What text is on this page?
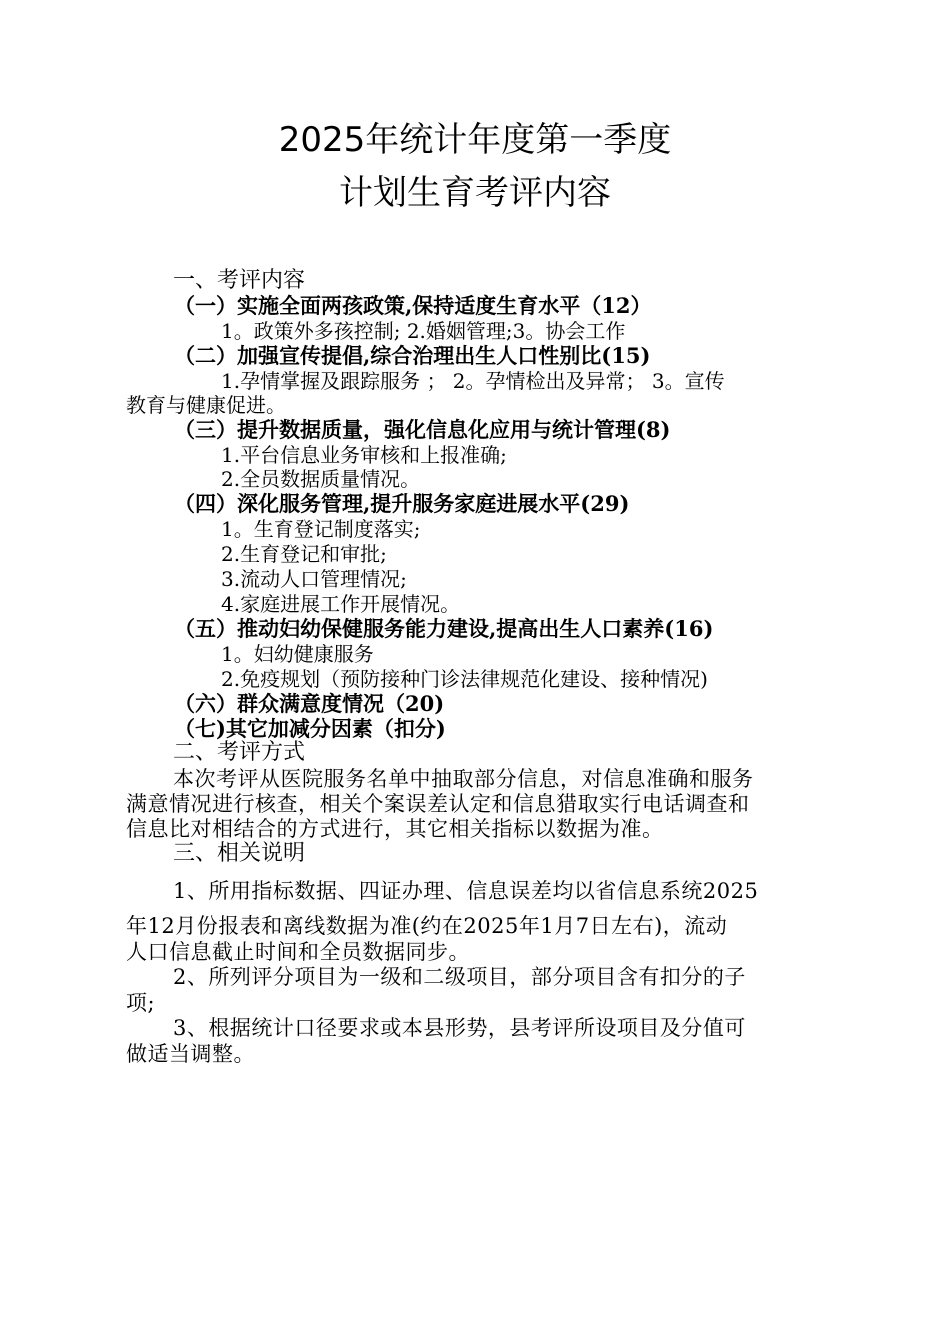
2025年统计年度第一季度
计划生育考评内容
一、考评内容
（一）实施全面两孩政策,保持适度生育水平（12）
1。政策外多孩控制; 2.婚姻管理;3。协会工作
（二）加强宣传提倡,综合治理出生人口性别比(15)
1.孕情掌握及跟踪服务 ； 2。孕情检出及异常； 3。宣传
教育与健康促进。
（三）提升数据质量，强化信息化应用与统计管理(8)
1.平台信息业务审核和上报准确;
2.全员数据质量情况。
（四）深化服务管理,提升服务家庭进展水平(29)
1。生育登记制度落实;
2.生育登记和审批;
3.流动人口管理情况;
4.家庭进展工作开展情况。
（五）推动妇幼保健服务能力建设,提高出生人口素养(16)
1。妇幼健康服务
2.免疫规划（预防接种门诊法律规范化建设、接种情况)
（六）群众满意度情况（20)
（七)其它加减分因素（扣分)
二、考评方式
本次考评从医院服务名单中抽取部分信息，对信息准确和服务
满意情况进行核查，相关个案误差认定和信息猎取实行电话调查和
信息比对相结合的方式进行，其它相关指标以数据为准。
三、相关说明
1、所用指标数据、四证办理、信息误差均以省信息系统2025
年12月份报表和离线数据为准(约在2025年1月7日左右)，流动
人口信息截止时间和全员数据同步。
2、所列评分项目为一级和二级项目，部分项目含有扣分的子
项;
3、根据统计口径要求或本县形势，县考评所设项目及分值可
做适当调整。
